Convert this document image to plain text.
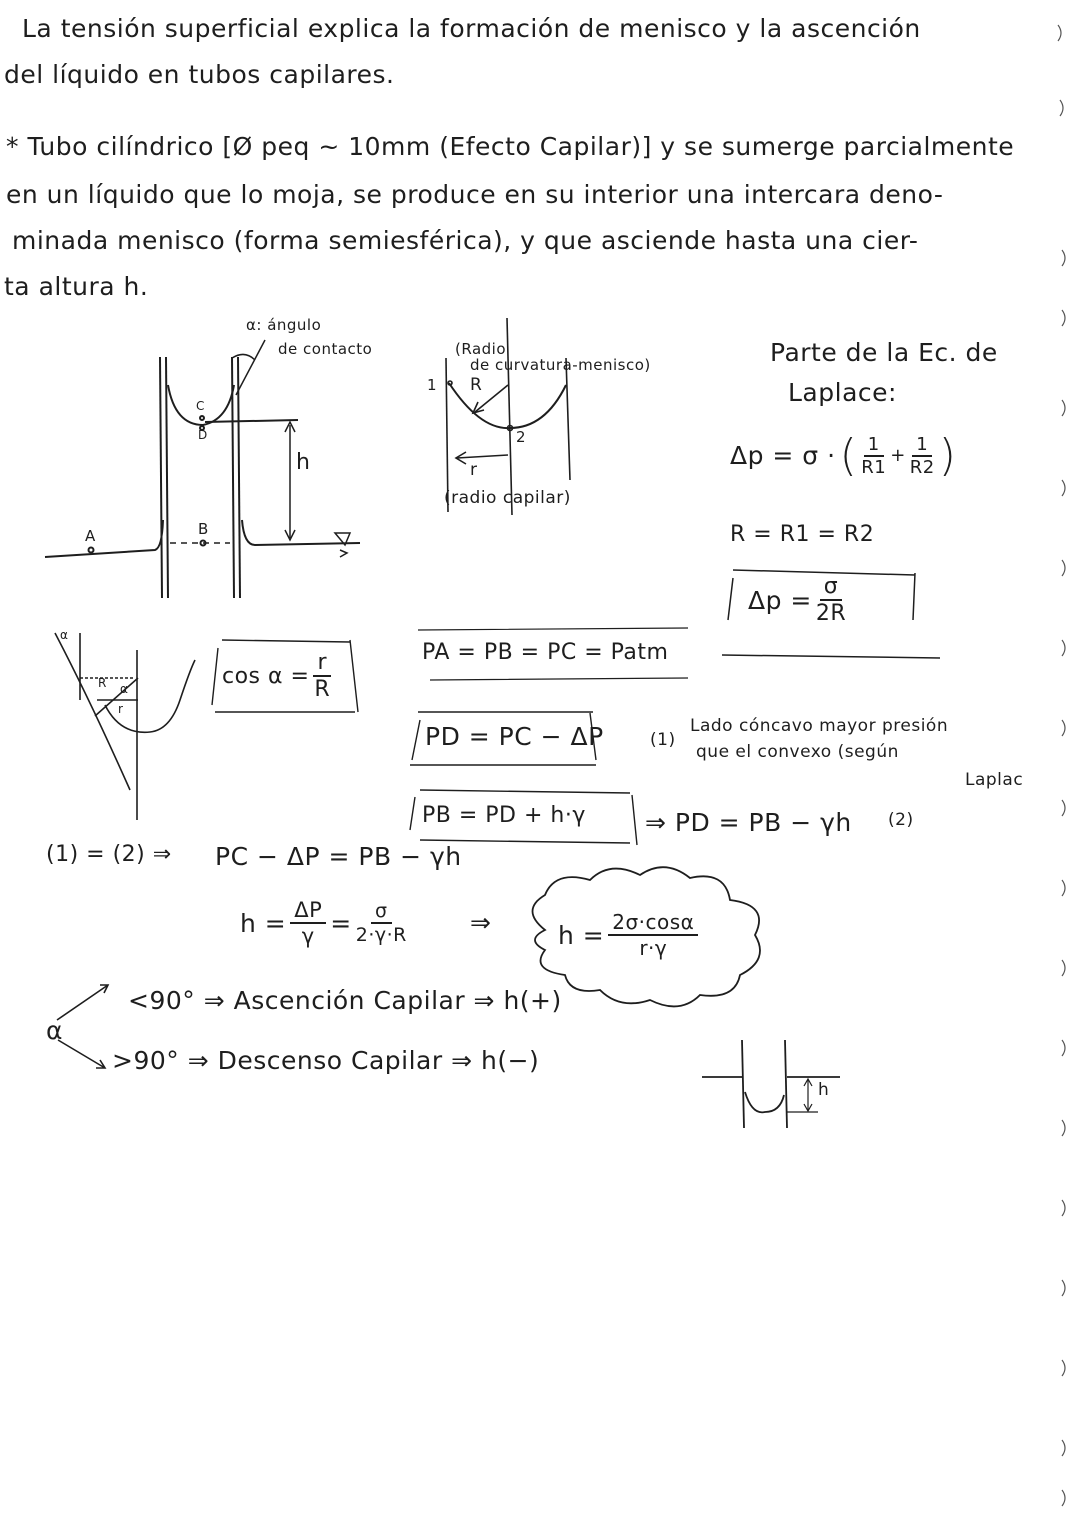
La tensión superficial explica la formación de menisco y la ascención
del líquido en tubos capilares.
* Tubo cilíndrico [Ø peq ~ 10mm (Efecto Capilar)] y se sumerge parcialmente
en un líquido que lo moja, se produce en su interior una intercara deno-
minada menisco (forma semiesférica), y que asciende hasta una cier-
ta altura h.
α: ángulo
de contacto
A	B
C
D
h
(Radio
de curvatura-menisco)
1
2
R
r
(radio capilar)
Parte de la Ec. de
Laplace:
Δp = σ · ( $\frac{1}{R1} + \frac{1}{R2}$ )
R = R1 = R2
$\Delta p = \frac{\sigma}{2R}$
α
R
r
α
$\cos \alpha = \frac{r}{R}$	PA = PB = PC = Patm
PD = PC − ΔP	(1)
Lado cóncavo mayor presión
que el convexo (según
Laplac
PB = PD + h·γ ⇒ PD = PB − γh (2)
(1) = (2) ⇒ PC − ΔP = PB − γh
$h = \frac{\Delta P}{\gamma} = \frac{\sigma}{2\cdot\gamma\cdot R}$	⇒	$h = \frac{2\sigma\cdot\cos\alpha}{r\cdot\gamma}$
α
<90° ⇒ Ascención Capilar ⇒ h(+)
>90° ⇒ Descenso Capilar ⇒ h(−)
h
